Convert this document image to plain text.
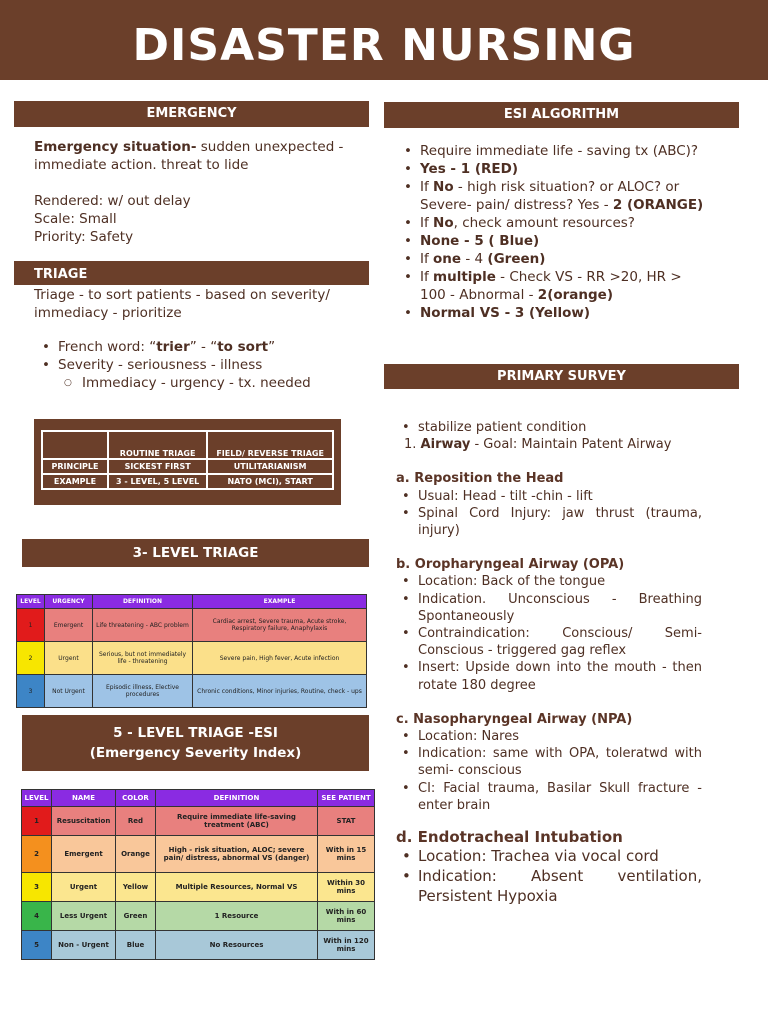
DISASTER NURSING
EMERGENCY
Emergency situation- sudden unexpected - immediate action. threat to lide
Rendered: w/ out delay
Scale: Small
Priority: Safety
TRIAGE
Triage - to sort patients - based on severity/ immediacy - prioritize
• French word: “trier” - “to sort”
• Severity - seriousness - illness
○ Immediacy - urgency - tx. needed
	ROUTINE TRIAGE	FIELD/ REVERSE TRIAGE
PRINCIPLE	SICKEST FIRST	UTILITARIANISM
EXAMPLE	3 - LEVEL, 5 LEVEL	NATO (MCI), START
3- LEVEL TRIAGE
LEVEL	URGENCY	DEFINITION	EXAMPLE
1	Emergent	Life threatening - ABC problem	Cardiac arrest, Severe trauma, Acute stroke, Respiratory failure, Anaphylaxis
2	Urgent	Serious, but not immediately life - threatening	Severe pain, High fever, Acute infection
3	Not Urgent	Episodic illness, Elective procedures	Chronic conditions, Minor injuries, Routine, check - ups
5 - LEVEL TRIAGE -ESI
(Emergency Severity Index)
LEVEL	NAME	COLOR	DEFINITION	SEE PATIENT
1	Resuscitation	Red	Require immediate life-saving treatment (ABC)	STAT
2	Emergent	Orange	High - risk situation, ALOC; severe pain/ distress, abnormal VS (danger)	With in 15 mins
3	Urgent	Yellow	Multiple Resources, Normal VS	Within 30 mins
4	Less Urgent	Green	1 Resource	With in 60 mins
5	Non - Urgent	Blue	No Resources	With in 120 mins
ESI ALGORITHM
• Require immediate life - saving tx (ABC)?
• Yes - 1 (RED)
• If No - high risk situation? or ALOC? or Severe- pain/ distress? Yes - 2 (ORANGE)
• If No, check amount resources?
• None - 5 ( Blue)
• If one - 4 (Green)
• If multiple - Check VS - RR >20, HR > 100 - Abnormal - 2(orange)
• Normal VS - 3 (Yellow)
PRIMARY SURVEY
• stabilize patient condition
1. Airway - Goal: Maintain Patent Airway
a. Reposition the Head
• Usual: Head - tilt -chin - lift
• Spinal Cord Injury: jaw thrust (trauma, injury)
b. Oropharyngeal Airway (OPA)
• Location: Back of the tongue
• Indication. Unconscious - Breathing Spontaneously
• Contraindication: Conscious/ Semi- Conscious - triggered gag reflex
• Insert: Upside down into the mouth - then rotate 180 degree
c. Nasopharyngeal Airway (NPA)
• Location: Nares
• Indication: same with OPA, toleratwd with semi- conscious
• CI: Facial trauma, Basilar Skull fracture - enter brain
d. Endotracheal Intubation
• Location: Trachea via vocal cord
• Indication: Absent ventilation, Persistent Hypoxia
